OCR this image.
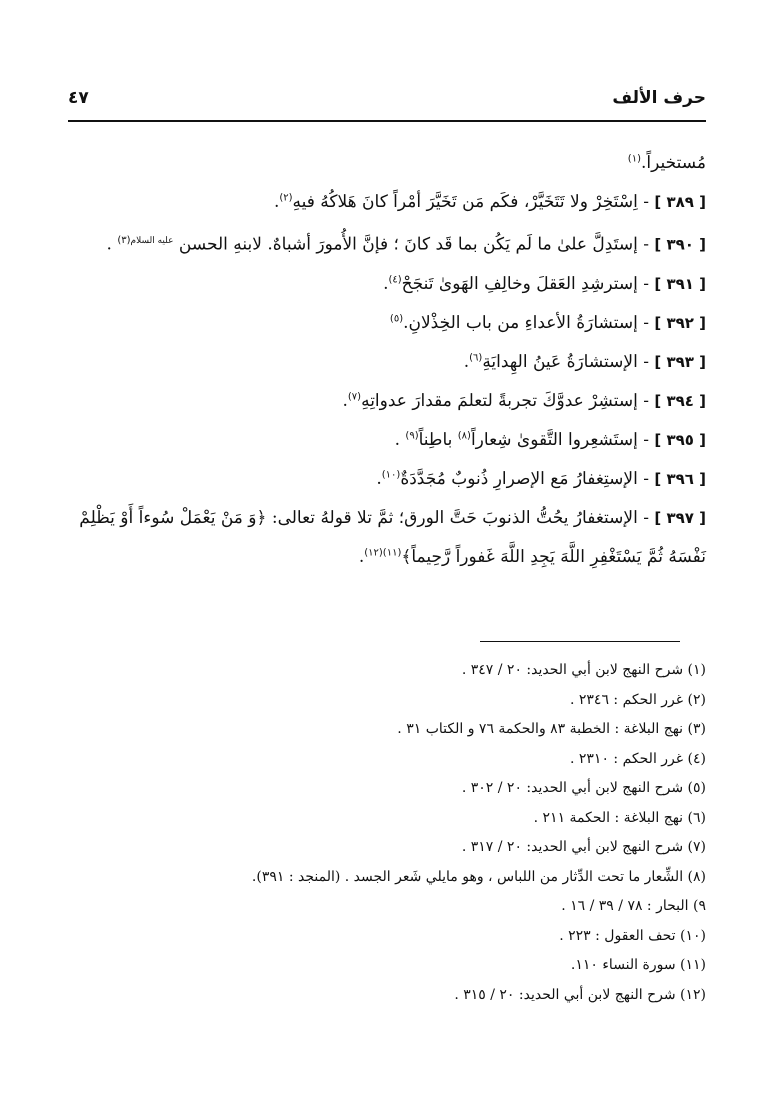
حرف الألف
٤٧
مُستخيراً.$^{(١)}$
[ ٣٨٩ ] - اِسْتَخِرْ ولا تَتَخَيَّرْ، فكَم مَن تَخَيَّرَ أمْراً كانَ هَلاكُهُ فيهِ$^{(٢)}$.
[ ٣٩٠ ] - إستَدِلَّ علىٰ ما لَم يَكُن بما قَد كانَ ؛ فإنَّ الأُمورَ أشباهٌ. لابنهِ الحسن $^{عليه السلام(٣)}$ .
[ ٣٩١ ] - إسترشِدِ العَقلَ وخالِفِ الهَوىٰ تَنجَحْ$^{(٤)}$.
[ ٣٩٢ ] - إستشارَةُ الأعداءِ من باب الخِذْلانِ.$^{(٥)}$
[ ٣٩٣ ] - الإستشارَةُ عَينُ الهِدايَةِ$^{(٦)}$.
[ ٣٩٤ ] - إستشِرْ عدوَّكَ تجربةً لتعلمَ مقدارَ عدواتِهِ$^{(٧)}$.
[ ٣٩٥ ] - إستَشعِروا التَّقوىٰ شِعاراً$^{(٨)}$ باطِناً$^{(٩)}$ .
[ ٣٩٦ ] - الإستِغفارُ مَع الإصرارِ ذُنوبٌ مُجَدَّدَةٌ$^{(١٠)}$.
[ ٣٩٧ ] - الإستغفارُ يحُتُّ الذنوبَ حَتَّ الورق؛ ثمَّ تلا قولهُ تعالى: ﴿وَ مَنْ يَعْمَلْ سُوءاً أَوْ يَظْلِمْ
نَفْسَهُ ثُمَّ يَسْتَغْفِرِ اللَّهَ يَجِدِ اللَّهَ غَفوراً رَّحِيماً﴾$^{(١١)(١٢)}$.
(١) شرح النهج لابن أبي الحديد: ٢٠ / ٣٤٧ .
(٢) غرر الحكم : ٢٣٤٦ .
(٣) نهج البلاغة : الخطبة ٨٣ والحكمة ٧٦ و الكتاب ٣١ .
(٤) غرر الحكم : ٢٣١٠ .
(٥) شرح النهج لابن أبي الحديد: ٢٠ / ٣٠٢ .
(٦) نهج البلاغة : الحكمة ٢١١ .
(٧) شرح النهج لابن أبي الحديد: ٢٠ / ٣١٧ .
(٨) الشِّعار ما تحت الدِّثار من اللباس ، وهو مايلي شَعر الجسد . (المنجد : ٣٩١).
٩) البحار : ٧٨ / ٣٩ / ١٦ .
(١٠) تحف العقول : ٢٢٣ .
(١١) سورة النساء ١١٠.
(١٢) شرح النهج لابن أبي الحديد: ٢٠ / ٣١٥ .
